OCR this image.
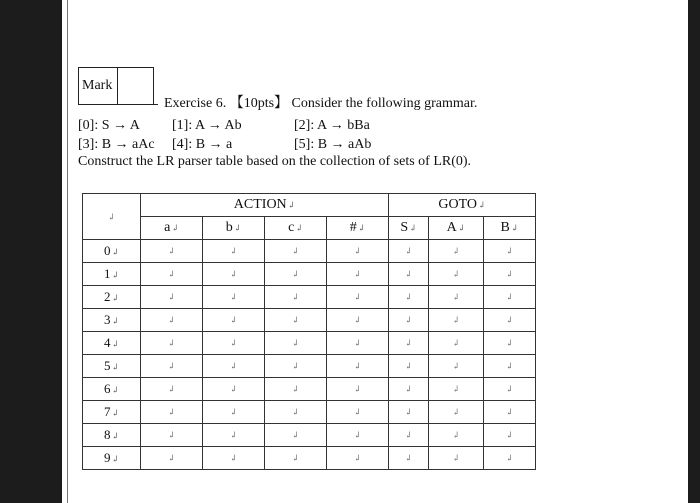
Mark
Exercise 6. 【10pts】 Consider the following grammar.
[0]: S → A [1]: A → Ab	[2]: A → bBa
[3]: B → aAc [4]: B → a	[5]: B → aAb
Construct the LR parser table based on the collection of sets of LR(0).
↲	ACTION↲				GOTO↲		
	a↲	b↲	c↲	#↲	S↲	A↲	B↲
0↲	↲	↲	↲	↲	↲	↲	↲
1↲	↲	↲	↲	↲	↲	↲	↲
2↲	↲	↲	↲	↲	↲	↲	↲
3↲	↲	↲	↲	↲	↲	↲	↲
4↲	↲	↲	↲	↲	↲	↲	↲
5↲	↲	↲	↲	↲	↲	↲	↲
6↲	↲	↲	↲	↲	↲	↲	↲
7↲	↲	↲	↲	↲	↲	↲	↲
8↲	↲	↲	↲	↲	↲	↲	↲
9↲	↲	↲	↲	↲	↲	↲	↲
